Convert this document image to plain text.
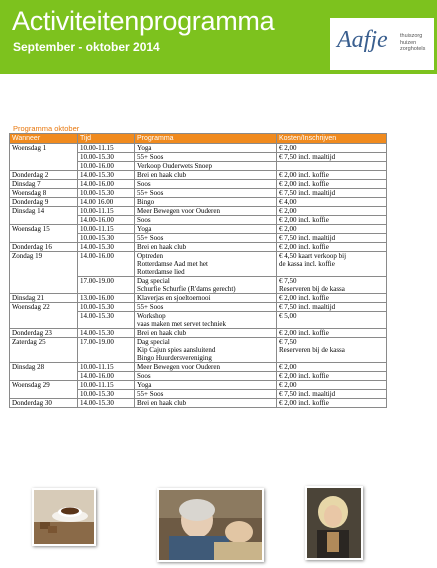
Activiteitenprogramma
September - oktober 2014	Aafje thuiszorg
huizen
zorghotels
Programma oktober
Wanneer	Tijd	Programma	Kosten/Inschrijven
Woensdag 1	10.00-11.15	Yoga	€ 2,00
	10.00-15.30	55+ Soos	€ 7,50 incl. maaltijd
	10.00-16.00	Verkoop Ouderwets Snoep	
Donderdag 2	14.00-15.30	Brei en haak club	€ 2,00 incl. koffie
Dinsdag 7	14.00-16.00	Soos	€ 2,00 incl. koffie
Woensdag 8	10.00-15.30	55+ Soos	€ 7,50 incl. maaltijd
Donderdag 9	14.00 16.00	Bingo	€ 4,00
Dinsdag 14	10.00-11.15	Meer Bewegen voor Ouderen	€ 2,00
	14.00-16.00	Soos	€ 2,00 incl. koffie
Woensdag 15	10.00-11.15	Yoga	€ 2,00
	10.00-15.30	55+ Soos	€ 7,50 incl. maaltijd
Donderdag 16	14.00-15.30	Brei en haak club	€ 2,00 incl. koffie
Zondag 19	14.00-16.00	Optreden
Rotterdamse Aad met het
Rotterdamse lied	€ 4,50 kaart verkoop bij
de kassa incl. koffie
	17.00-19.00	Dag special
Schurfie Schurfie (R'dams gerecht)	€ 7,50
Reserveren bij de kassa
Dinsdag 21	13.00-16.00	Klaverjas en sjoeltoernooi	€ 2,00 incl. koffie
Woensdag 22	10.00-15.30	55+ Soos	€ 7,50 incl. maaltijd
	14.00-15.30	Workshop
vaas maken met servet techniek	€ 5,00
Donderdag 23	14.00-15.30	Brei en haak club	€ 2,00 incl. koffie
Zaterdag 25	17.00-19.00	Dag special
Kip Cajun spies aansluitend
Bingo Huurdersvereniging	€ 7,50
Reserveren bij de kassa
Dinsdag 28	10.00-11.15	Meer Bewegen voor Ouderen	€ 2,00
	14.00-16.00	Soos	€ 2,00 incl. koffie
Woensdag 29	10.00-11.15	Yoga	€ 2,00
	10.00-15.30	55+ Soos	€ 7,50 incl. maaltijd
Donderdag 30	14.00-15.30	Brei en haak club	€ 2,00 incl. koffie
